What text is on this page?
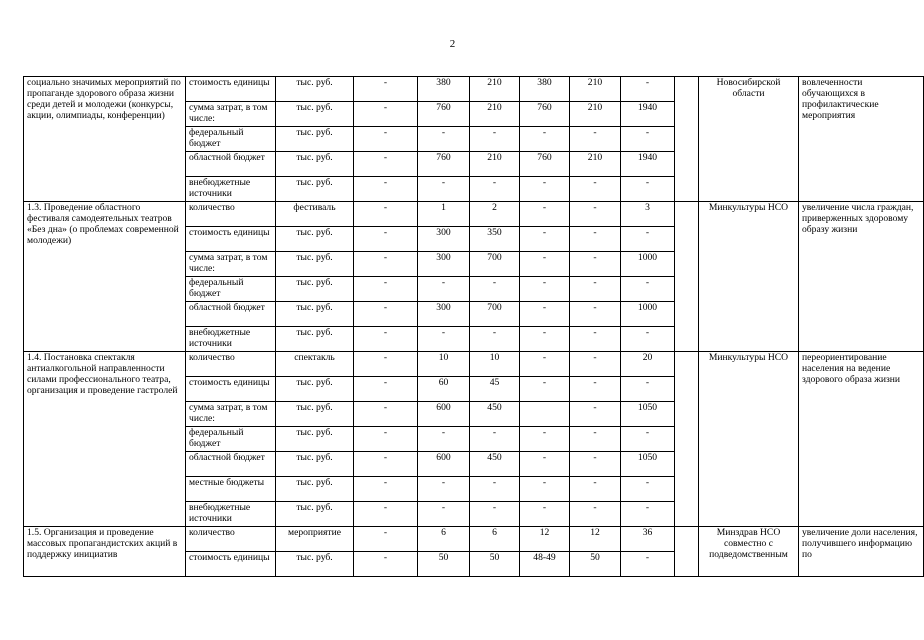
2
социально значимых мероприятий по пропаганде здорового образа жизни среди детей и молодежи (конкурсы, акции, олимпиады, конференции)	стоимость единицы	тыс. руб.	-	380	210	380	210	-		Новосибирской области	вовлеченности обучающихся в профилактические мероприятия
	сумма затрат, в том числе:	тыс. руб.	-	760	210	760	210	1940			
	федеральный бюджет	тыс. руб.	-	-	-	-	-	-			
	областной бюджет	тыс. руб.	-	760	210	760	210	1940			
	внебюджетные источники	тыс. руб.	-	-	-	-	-	-			
1.3. Проведение областного фестиваля самодеятельных театров «Без дна» (о проблемах современной молодежи)	количество	фестиваль	-	1	2	-	-	3		Минкультуры НСО	увеличение числа граждан, приверженных здоровому образу жизни
	стоимость единицы	тыс. руб.	-	300	350	-	-	-			
	сумма затрат, в том числе:	тыс. руб.	-	300	700	-	-	1000			
	федеральный бюджет	тыс. руб.	-	-	-	-	-	-			
	областной бюджет	тыс. руб.	-	300	700	-	-	1000			
	внебюджетные источники	тыс. руб.	-	-	-	-	-	-			
1.4. Постановка спектакля антиалкогольной направленности силами профессионального театра, организация и проведение гастролей	количество	спектакль	-	10	10	-	-	20		Минкультуры НСО	переориентирование населения на ведение здорового образа жизни
	стоимость единицы	тыс. руб.	-	60	45	-	-	-			
	сумма затрат, в том числе:	тыс. руб.	-	600	450		-	1050			
	федеральный бюджет	тыс. руб.	-	-	-	-	-	-			
	областной бюджет	тыс. руб.	-	600	450	-	-	1050			
	местные бюджеты	тыс. руб.	-	-	-	-	-	-			
	внебюджетные источники	тыс. руб.	-	-	-	-	-	-			
1.5. Организация и проведение массовых пропагандистских акций в поддержку инициатив	количество	мероприятие	-	6	6	12	12	36		Минздрав НСО совместно с подведомственным	увеличение доли населения, получившего информацию по
	стоимость единицы	тыс. руб.	-	50	50	48-49	50	-			
